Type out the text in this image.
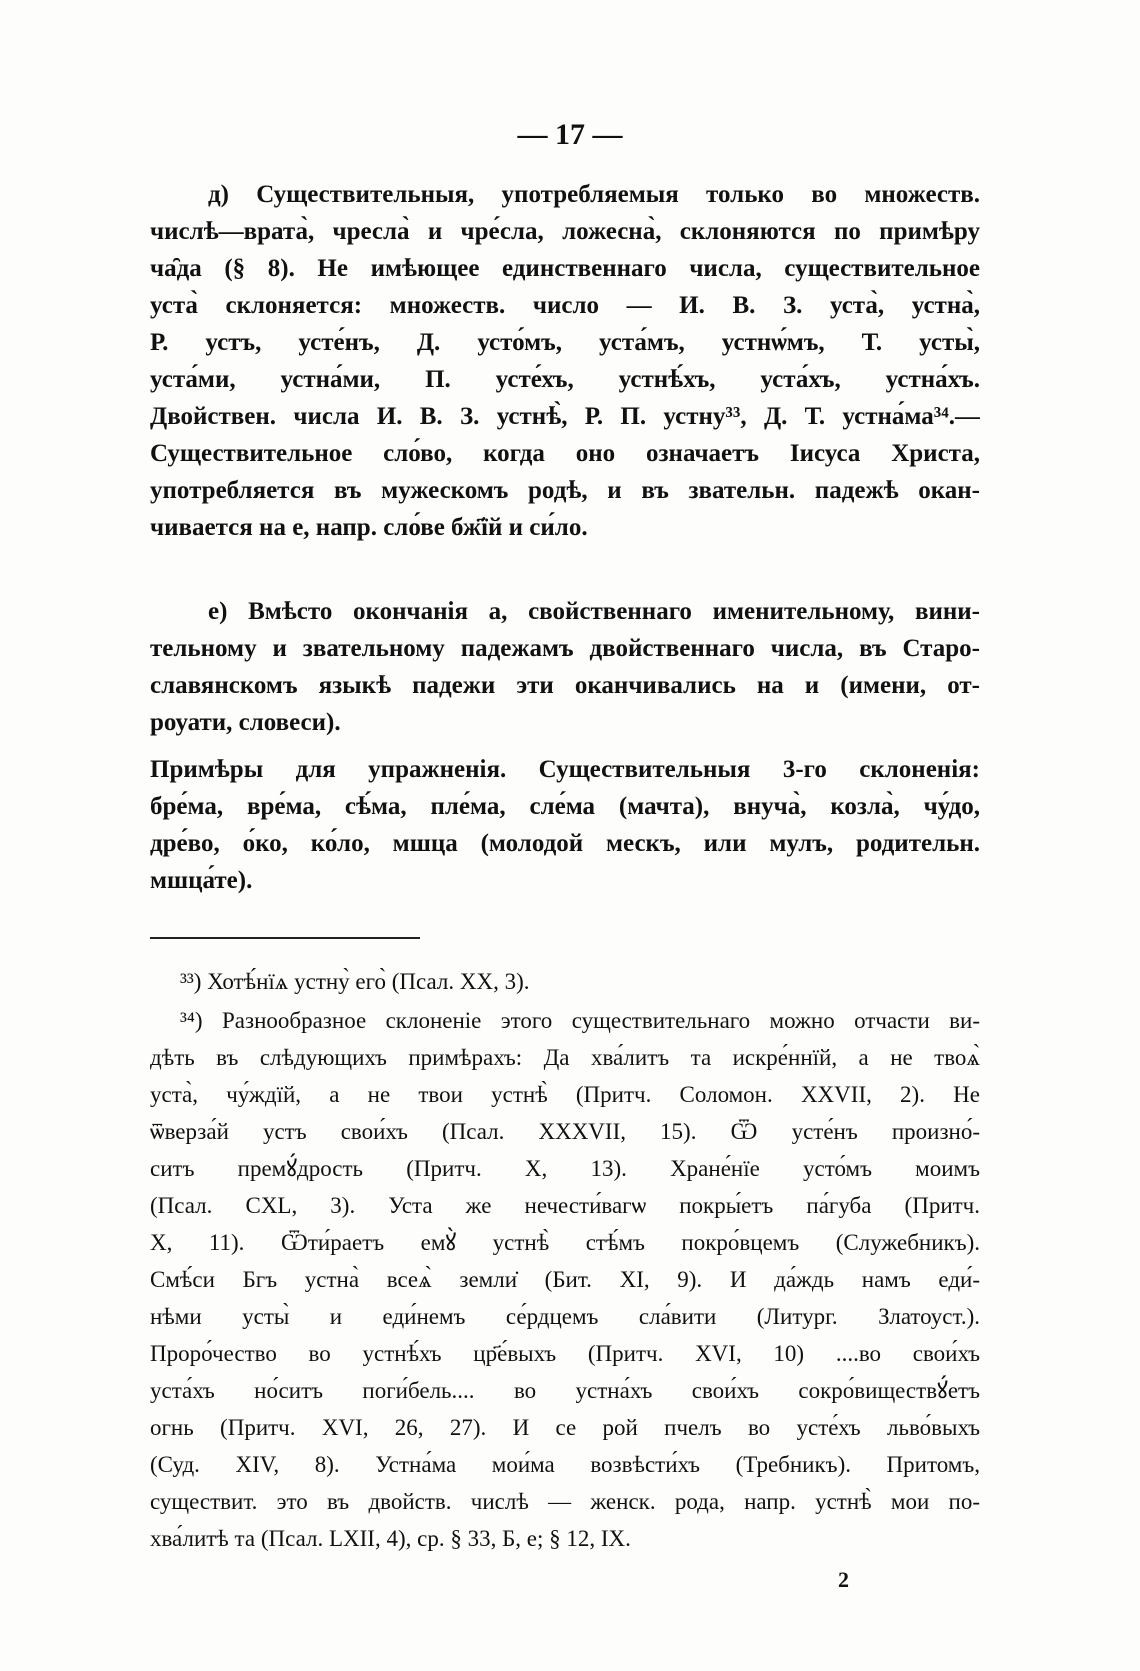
— 17 —
д) Существительныя, употребляемыя только во множеств.
числѣ—врата̀, чресла̀ и чре́сла, ложесна̀, склоняются по примѣру
ча̑да (§ 8). Не имѣющее единственнаго числа, существительное
уста̀ склоняется: множеств. число — И. В. З. уста̀, устна̀,
Р. устъ, усте́нъ, Д. усто́мъ, уста́мъ, устнѡ́мъ, Т. усты̀,
уста́ми, устна́ми, П. усте́хъ, устнѣ́хъ, уста́хъ, устна́хъ.
Двойствен. числа И. В. З. устнѣ̀, Р. П. устну³³, Д. Т. устна́ма³⁴.—
Существительное сло́во, когда оно означаетъ Іисуса Христа,
употребляется въ мужескомъ родѣ, и въ звательн. падежѣ окан-
чивается на е, напр. сло́ве бж҃їй и си́ло.
е) Вмѣсто окончанія а, свойственнаго именительному, вини-
тельному и звательному падежамъ двойственнаго числа, въ Старо-
славянскомъ языкѣ падежи эти оканчивались на и (имени, от-
роуати, словеси).
Примѣры для упражненія. Существительныя 3-го склоненія:
бре́ма, вре́ма, сѣ́ма, пле́ма, сле́ма (мачта), внуча̀, козла̀, чу́до,
дре́во, о́ко, ко́ло, мшца (молодой мескъ, или мулъ, родительн.
мшца́те).
³³) Хотѣ́нїѧ устну̀ его̀ (Псал. XX, 3).
³⁴) Разнообразное склоненіе этого существительнаго можно отчасти ви-
дѣть въ слѣдующихъ примѣрахъ: Да хва́литъ та искре́ннїй, а не твоѧ̀
уста̀, чу́ждїй, а не твои устнѣ̀ (Притч. Соломон. XXVII, 2). Не
ѿверза́й устъ свои́хъ (Псал. XXXVII, 15). Ѿ усте́нъ произно́-
ситъ премꙋ́дрость (Притч. X, 13). Хране́нїе усто́мъ моимъ
(Псал. CXL, 3). Уста же нечести́вагѡ покры́етъ па́губа (Притч.
X, 11). Ѿти́раетъ емꙋ̀ устнѣ̀ стѣ́мъ покро́вцемъ (Служебникъ).
Смѣ́си Бгъ устна̀ всеѧ̀ земли̇ (Бит. XI, 9). И да́ждь намъ еди́-
нѣми усты̀ и еди́немъ се́рдцемъ сла́вити (Литург. Златоуст.).
Проро́чество во устнѣ́хъ цр҃е́выхъ (Притч. XVI, 10) ....во свои́хъ
уста́хъ но́ситъ поги́бель.... во устна́хъ свои́хъ сокро́виществꙋ́етъ
огнь (Притч. XVI, 26, 27). И се рой пчелъ во усте́хъ льво́выхъ
(Суд. XIV, 8). Устна́ма мои́ма возвѣсти́хъ (Требникъ). Притомъ,
существит. это въ двойств. числѣ — женск. рода, напр. устнѣ̀ мои по-
хва́литѣ та (Псал. LXII, 4), ср. § 33, Б, е; § 12, IX.
2
